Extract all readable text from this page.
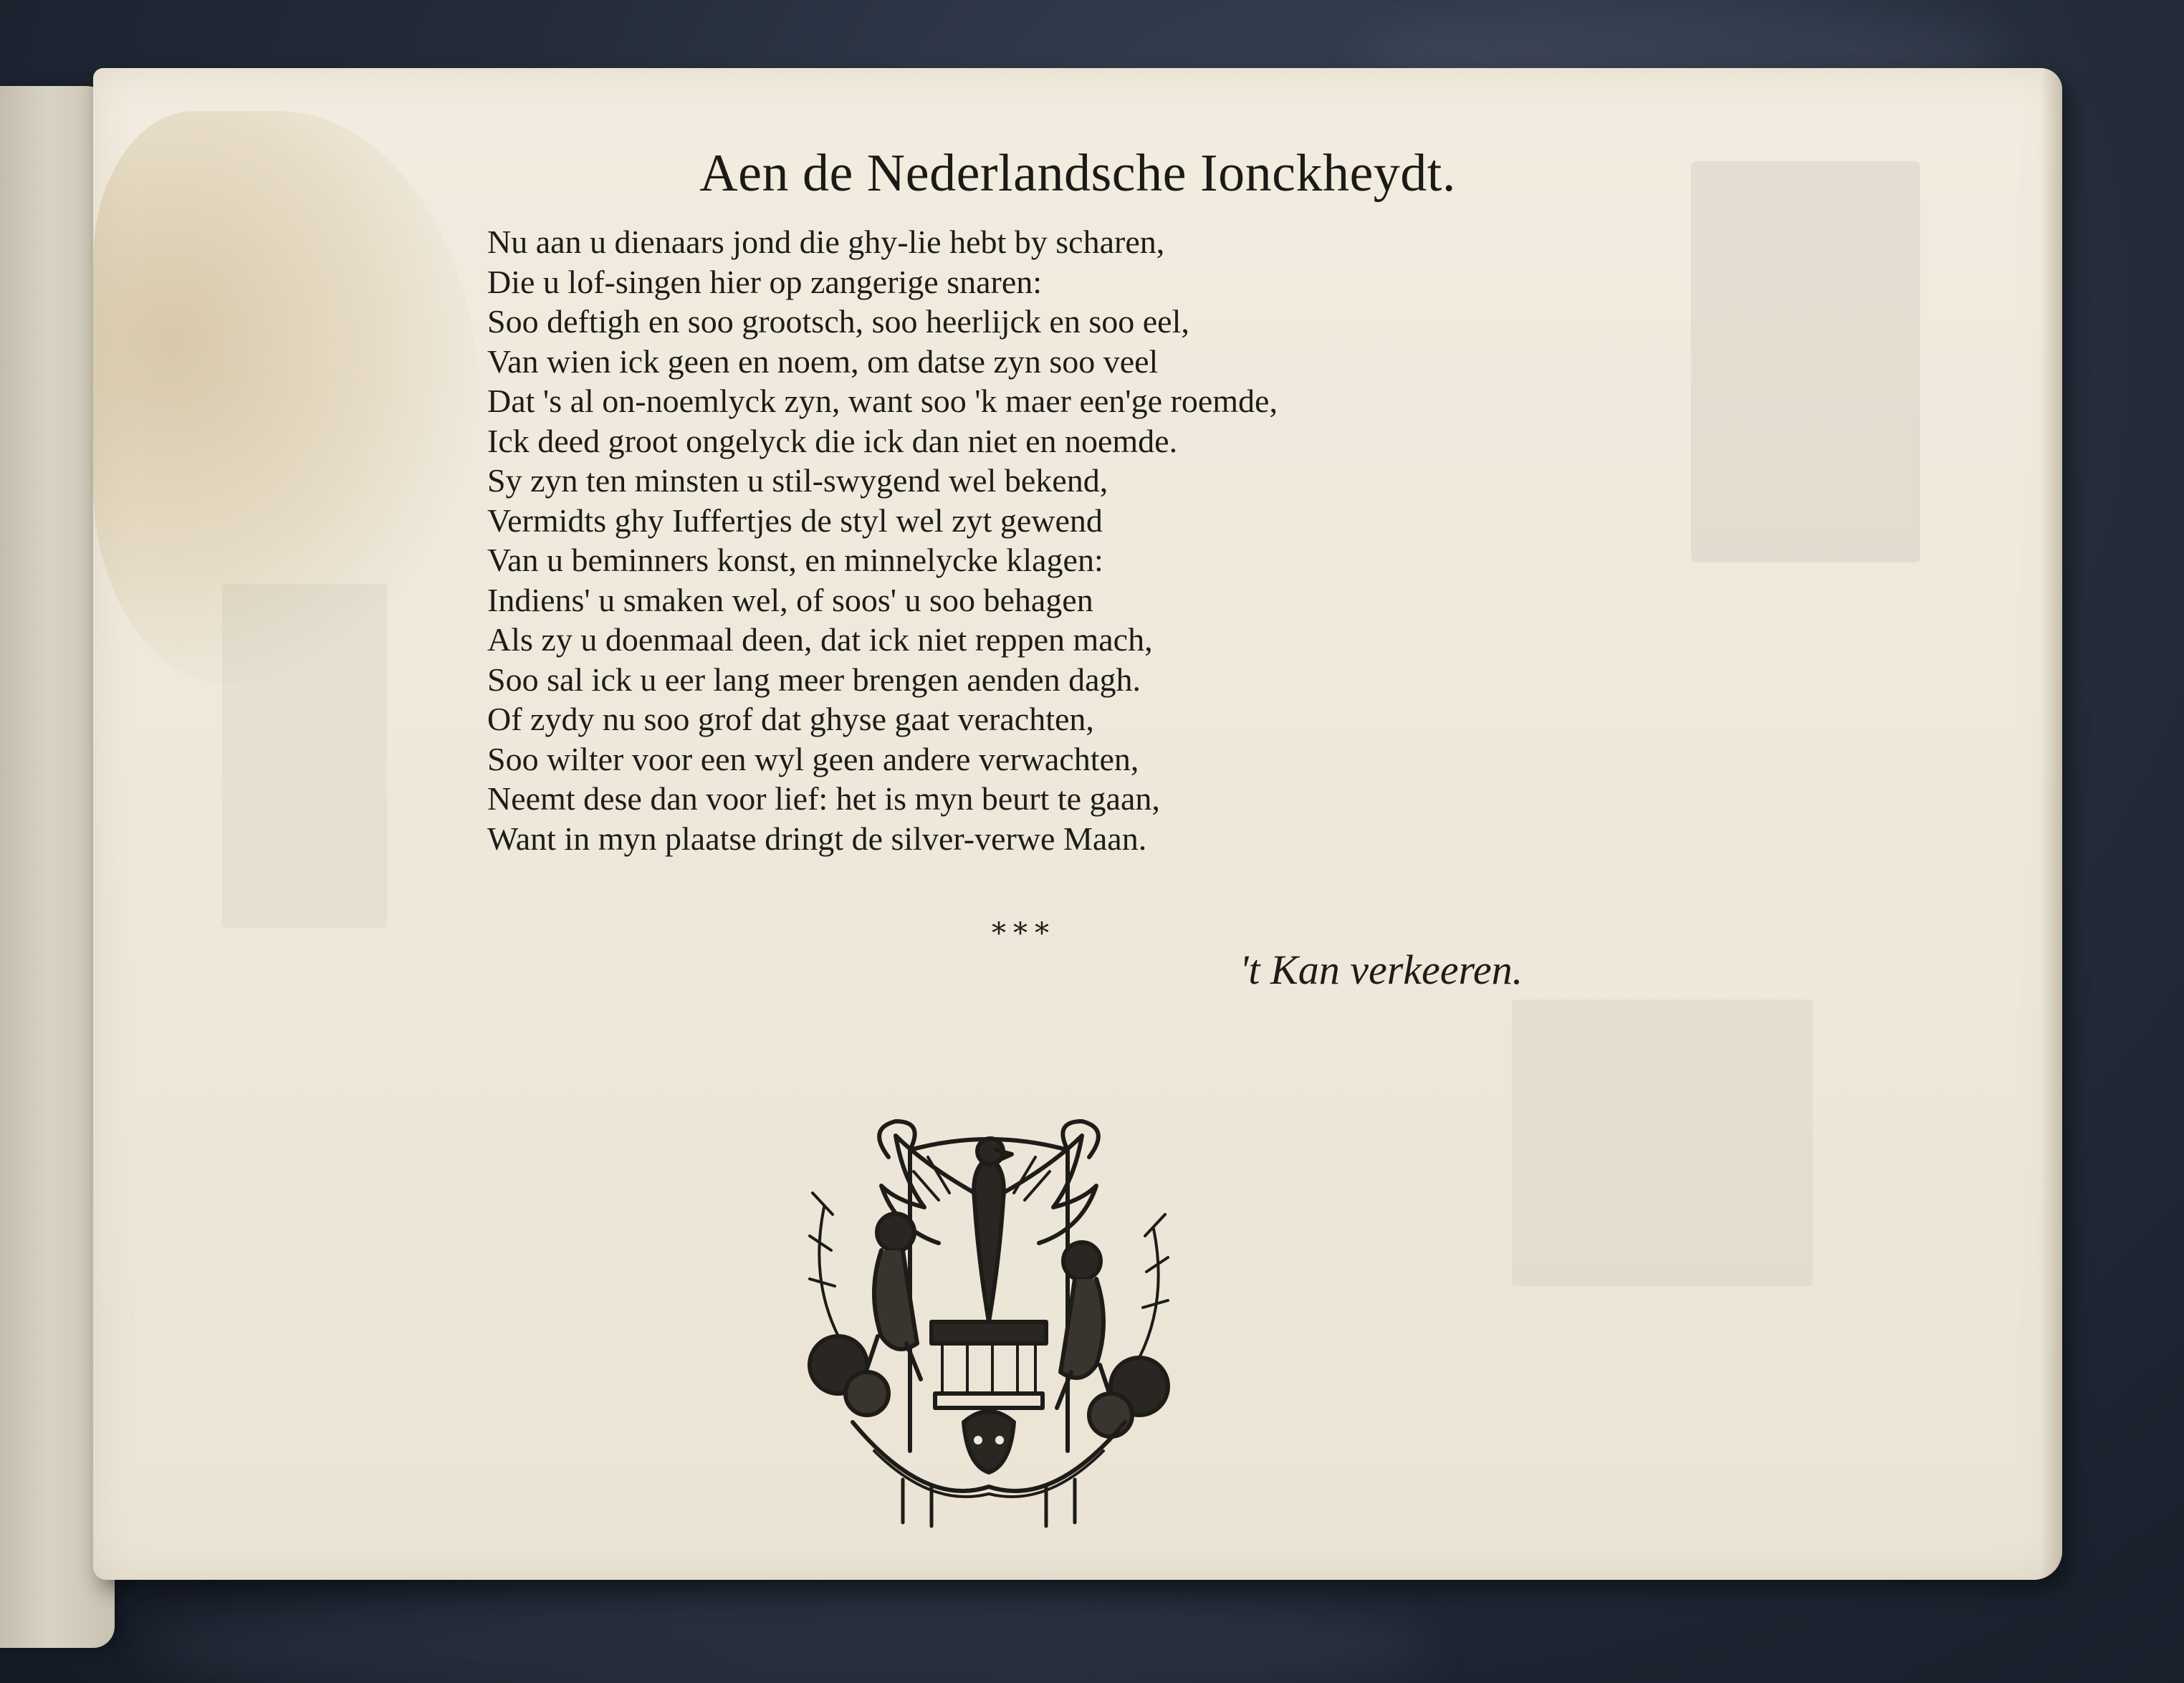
Aen de Nederlandsche Ionckheydt.
Nu aan u dienaars jond die ghy-lie hebt by scharen,
Die u lof-singen hier op zangerige snaren:
Soo deftigh en soo grootsch, soo heerlijck en soo eel,
Van wien ick geen en noem, om datse zyn soo veel
Dat 's al on-noemlyck zyn, want soo 'k maer een'ge roemde,
Ick deed groot ongelyck die ick dan niet en noemde.
Sy zyn ten minsten u stil-swygend wel bekend,
Vermidts ghy Iuffertjes de styl wel zyt gewend
Van u beminners konst, en minnelycke klagen:
Indiens' u smaken wel, of soos' u soo behagen
Als zy u doenmaal deen, dat ick niet reppen mach,
Soo sal ick u eer lang meer brengen aenden dagh.
Of zydy nu soo grof dat ghyse gaat verachten,
Soo wilter voor een wyl geen andere verwachten,
Neemt dese dan voor lief: het is myn beurt te gaan,
Want in myn plaatse dringt de silver-verwe Maan.
***
't Kan verkeeren.
